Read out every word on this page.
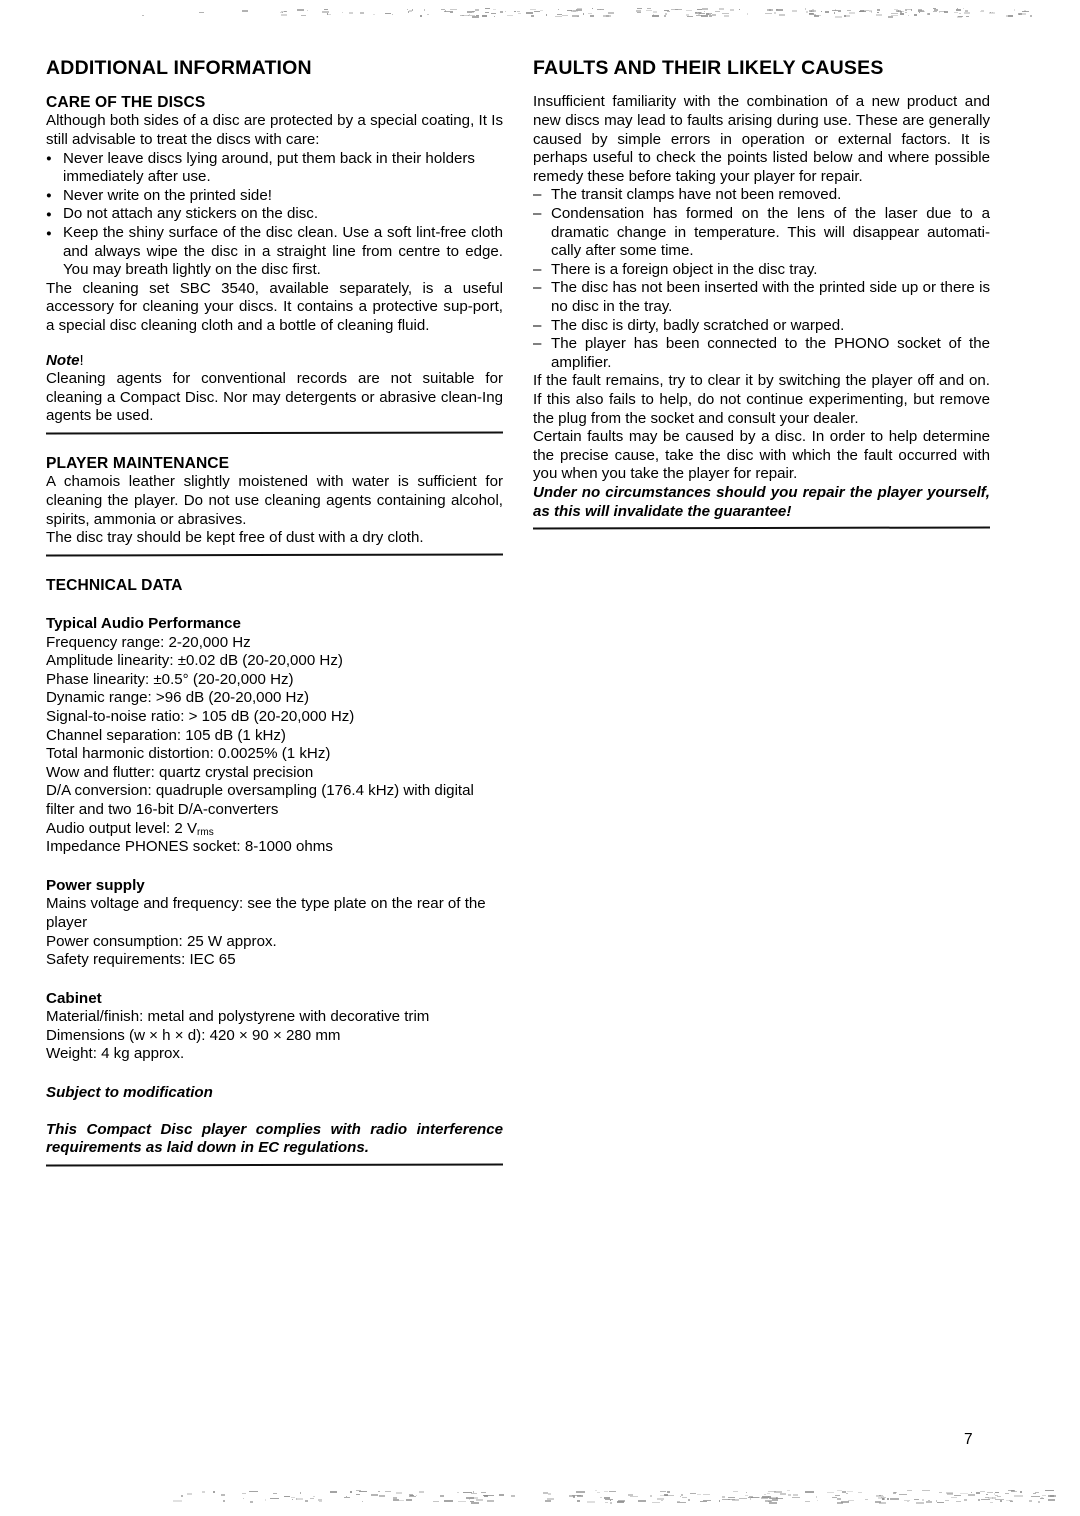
ADDITIONAL INFORMATION
CARE OF THE DISCS

Although both sides of a disc are protected by a special coating, It Is still advisable to treat the discs with care:

● Never leave discs lying around, put them back in their holders immediately after use.
● Never write on the printed side!
● Do not attach any stickers on the disc.
● Keep the shiny surface of the disc clean. Use a soft lint-free cloth and always wipe the disc in a straight line from centre to edge. You may breath lightly on the disc first.

The cleaning set SBC 3540, available separately, is a useful accessory for cleaning your discs. It contains a protective sup-port, a special disc cleaning cloth and a bottle of cleaning fluid.

Note!

Cleaning agents for conventional records are not suitable for cleaning a Compact Disc. Nor may detergents or abrasive clean-Ing agents be used.

PLAYER MAINTENANCE

A chamois leather slightly moistened with water is sufficient for cleaning the player. Do not use cleaning agents containing alcohol, spirits, ammonia or abrasives.

The disc tray should be kept free of dust with a dry cloth.

TECHNICAL DATA
Typical Audio Performance
Frequency range: 2-20,000 Hz
Amplitude linearity: ±0.02 dB (20-20,000 Hz)
Phase linearity: ±0.5° (20-20,000 Hz)
Dynamic range: >96 dB (20-20,000 Hz)
Signal-to-noise ratio: > 105 dB (20-20,000 Hz)
Channel separation: 105 dB (1 kHz)
Total harmonic distortion: 0.0025% (1 kHz)
Wow and flutter: quartz crystal precision
D/A conversion: quadruple oversampling (176.4 kHz) with digital filter and two 16-bit D/A-converters
Audio output level: 2 $V_{rms}$
Impedance PHONES socket: 8-1000 ohms
Power supply
Mains voltage and frequency: see the type plate on the rear of the player
Power consumption: 25 W approx.
Safety requirements: IEC 65
Cabinet
Material/finish: metal and polystyrene with decorative trim
Dimensions (w × h × d): 420 × 90 × 280 mm
Weight: 4 kg approx.
Subject to modification

This Compact Disc player complies with radio interference requirements as laid down in EC regulations.

FAULTS AND THEIR LIKELY CAUSES

Insufficient familiarity with the combination of a new product and new discs may lead to faults arising during use. These are generally caused by simple errors in operation or external factors. It is perhaps useful to check the points listed below and where possible remedy these before taking your player for repair.

– The transit clamps have not been removed.
– Condensation has formed on the lens of the laser due to a dramatic change in temperature. This will disappear automati-cally after some time.
– There is a foreign object in the disc tray.
– The disc has not been inserted with the printed side up or there is no disc in the tray.
– The disc is dirty, badly scratched or warped.
– The player has been connected to the PHONO socket of the amplifier.

If the fault remains, try to clear it by switching the player off and on. If this also fails to help, do not continue experimenting, but remove the plug from the socket and consult your dealer.

Certain faults may be caused by a disc. In order to help determine the precise cause, take the disc with which the fault occurred with you when you take the player for repair.

Under no circumstances should you repair the player yourself, as this will invalidate the guarantee!

7
